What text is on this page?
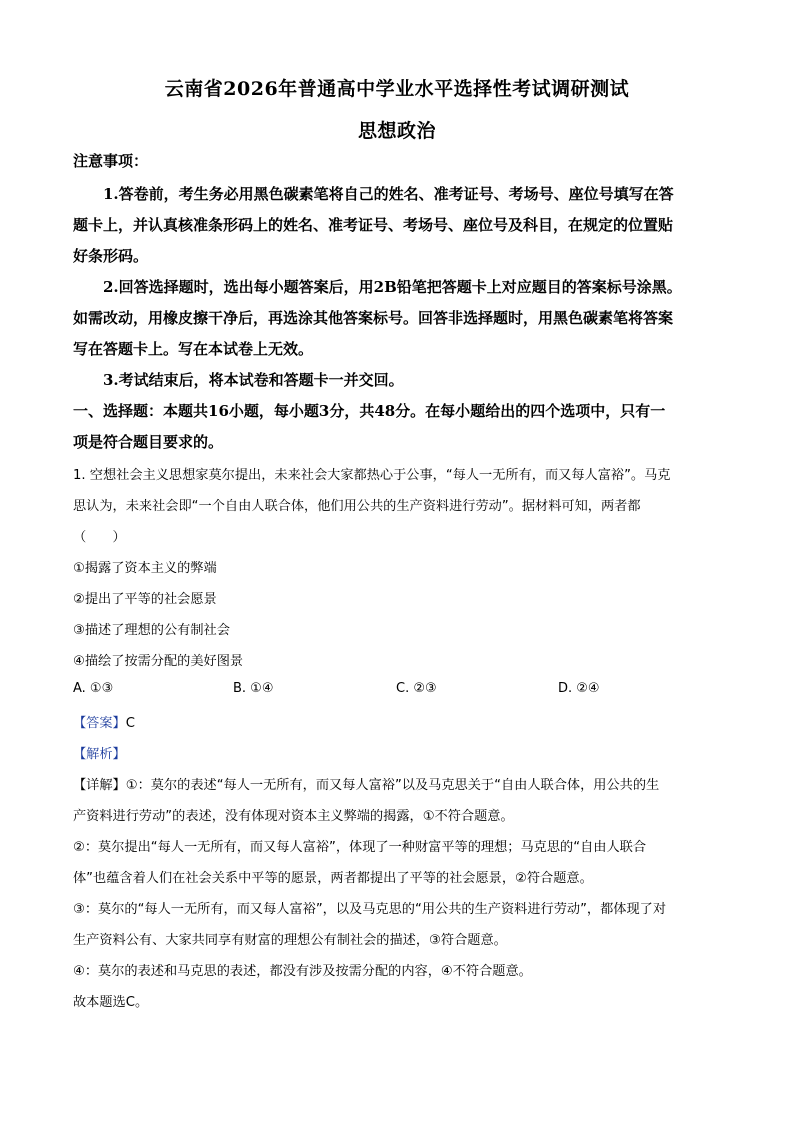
云南省2026年普通高中学业水平选择性考试调研测试
思想政治
注意事项：
1.答卷前，考生务必用黑色碳素笔将自己的姓名、准考证号、考场号、座位号填写在答
题卡上，并认真核准条形码上的姓名、准考证号、考场号、座位号及科目，在规定的位置贴
好条形码。
2.回答选择题时，选出每小题答案后，用2B铅笔把答题卡上对应题目的答案标号涂黑。
如需改动，用橡皮擦干净后，再选涂其他答案标号。回答非选择题时，用黑色碳素笔将答案
写在答题卡上。写在本试卷上无效。
3.考试结束后，将本试卷和答题卡一并交回。
一、选择题：本题共16小题，每小题3分，共48分。在每小题给出的四个选项中，只有一
项是符合题目要求的。
1. 空想社会主义思想家莫尔提出，未来社会大家都热心于公事，“每人一无所有，而又每人富裕”。马克
思认为，未来社会即“一个自由人联合体，他们用公共的生产资料进行劳动”。据材料可知，两者都
（　　）
①揭露了资本主义的弊端
②提出了平等的社会愿景
③描述了理想的公有制社会
④描绘了按需分配的美好图景
A. ①③	B. ①④	C. ②③	D. ②④
【答案】C
【解析】
【详解】①：莫尔的表述“每人一无所有，而又每人富裕”以及马克思关于“自由人联合体，用公共的生
产资料进行劳动”的表述，没有体现对资本主义弊端的揭露，①不符合题意。
②：莫尔提出“每人一无所有，而又每人富裕”，体现了一种财富平等的理想；马克思的“自由人联合
体”也蕴含着人们在社会关系中平等的愿景，两者都提出了平等的社会愿景，②符合题意。
③：莫尔的“每人一无所有，而又每人富裕”，以及马克思的“用公共的生产资料进行劳动”，都体现了对
生产资料公有、大家共同享有财富的理想公有制社会的描述，③符合题意。
④：莫尔的表述和马克思的表述，都没有涉及按需分配的内容，④不符合题意。
故本题选C。
